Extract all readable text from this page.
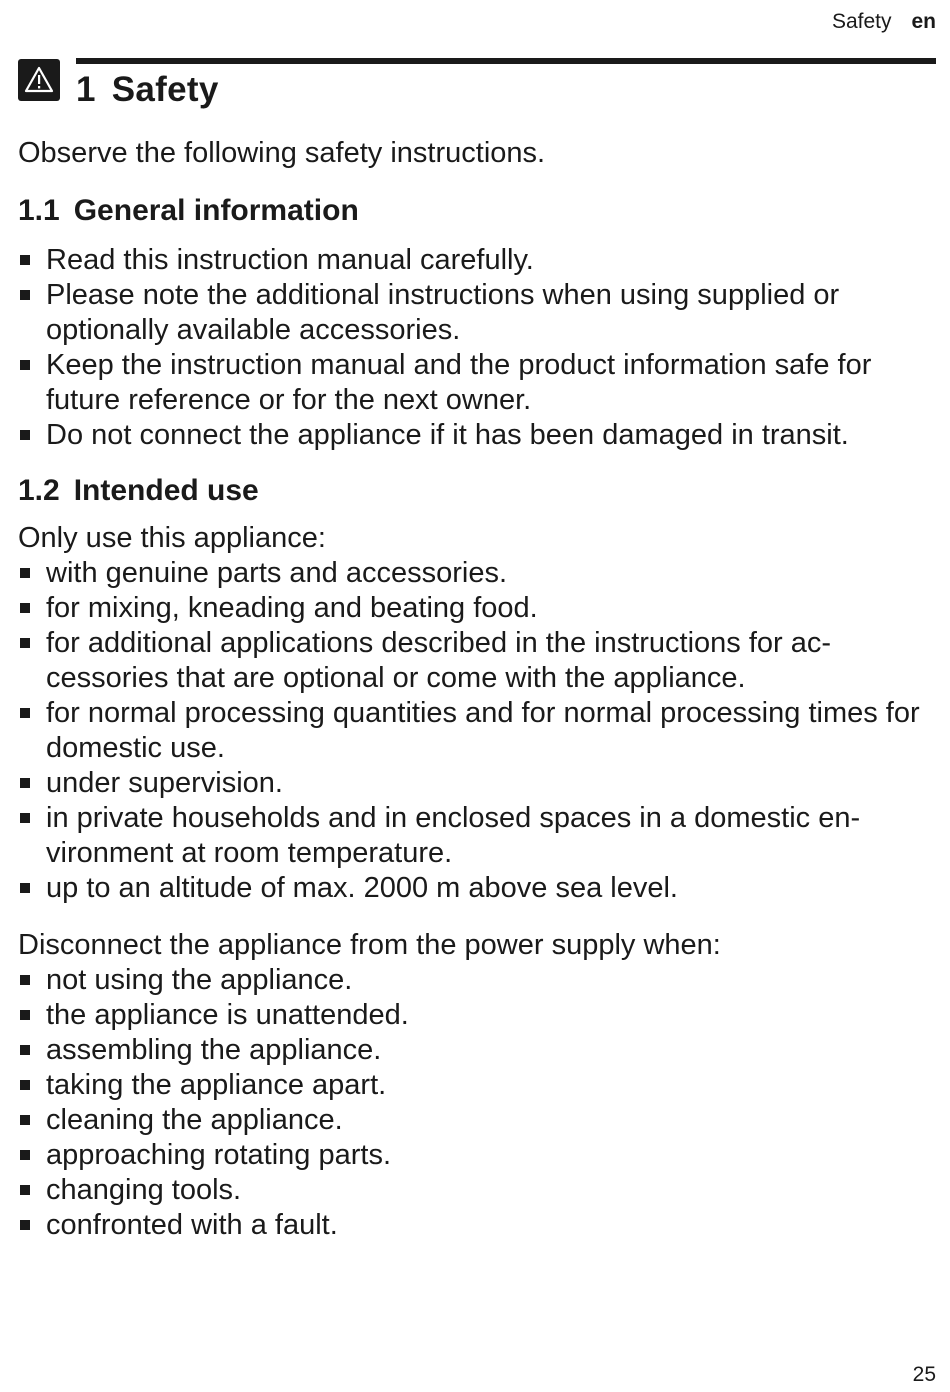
Safety en
1 Safety

Observe the following safety instructions.

1.1 General information
Read this instruction manual carefully.
Please note the additional instructions when using supplied or optionally available accessories.
Keep the instruction manual and the product information safe for future reference or for the next owner.
Do not connect the appliance if it has been damaged in transit.
1.2 Intended use

Only use this appliance:

with genuine parts and accessories.
for mixing, kneading and beating food.
for additional applications described in the instructions for ac-cessories that are optional or come with the appliance.
for normal processing quantities and for normal processing times for domestic use.
under supervision.
in private households and in enclosed spaces in a domestic en-vironment at room temperature.
up to an altitude of max. 2000 m above sea level.

Disconnect the appliance from the power supply when:

not using the appliance.
the appliance is unattended.
assembling the appliance.
taking the appliance apart.
cleaning the appliance.
approaching rotating parts.
changing tools.
confronted with a fault.
25
